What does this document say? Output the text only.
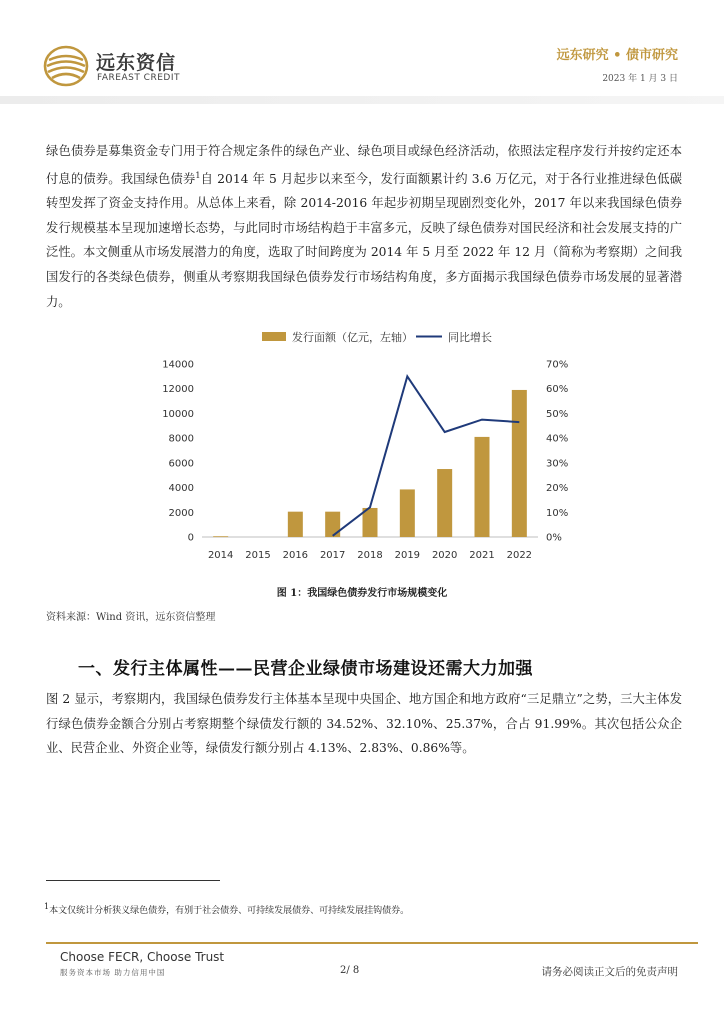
远东资信
FAREAST CREDIT
远东研究 • 债市研究
2023 年 1 月 3 日

绿色债券是募集资金专门用于符合规定条件的绿色产业、绿色项目或绿色经济活动，依照法定程序发行并按约定还本付息的债券。我国绿色债券$^1$自 2014 年 5 月起步以来至今，发行面额累计约 3.6 万亿元，对于各行业推进绿色低碳转型发挥了资金支持作用。从总体上来看，除 2014-2016 年起步初期呈现剧烈变化外，2017 年以来我国绿色债券发行规模基本呈现加速增长态势，与此同时市场结构趋于丰富多元，反映了绿色债券对国民经济和社会发展支持的广泛性。本文侧重从市场发展潜力的角度，选取了时间跨度为 2014 年 5 月至 2022 年 12 月（简称为考察期）之间我国发行的各类绿色债券，侧重从考察期我国绿色债券发行市场结构角度，多方面揭示我国绿色债券市场发展的显著潜力。

0
2000
4000
6000
8000
10000
12000
14000
0%
10%
20%
30%
40%
50%
60%
70%
2014 2015 2016 2017 2018 2019 2020 2021 2022
发行面额（亿元，左轴）	同比增长
图 1：我国绿色债券发行市场规模变化
资料来源：Wind 资讯，远东资信整理
一、发行主体属性——民营企业绿债市场建设还需大力加强

图 2 显示，考察期内，我国绿色债券发行主体基本呈现中央国企、地方国企和地方政府“三足鼎立”之势，三大主体发行绿色债券金额合分别占考察期整个绿债发行额的 34.52%、32.10%、25.37%，合占 91.99%。其次包括公众企业、民营企业、外资企业等，绿债发行额分别占 4.13%、2.83%、0.86%等。

$^1$本文仅统计分析狭义绿色债券，有别于社会债券、可持续发展债券、可持续发展挂钩债券。
Choose FECR, Choose Trust
服务资本市场 助力信用中国	2/ 8	请务必阅读正文后的免责声明
